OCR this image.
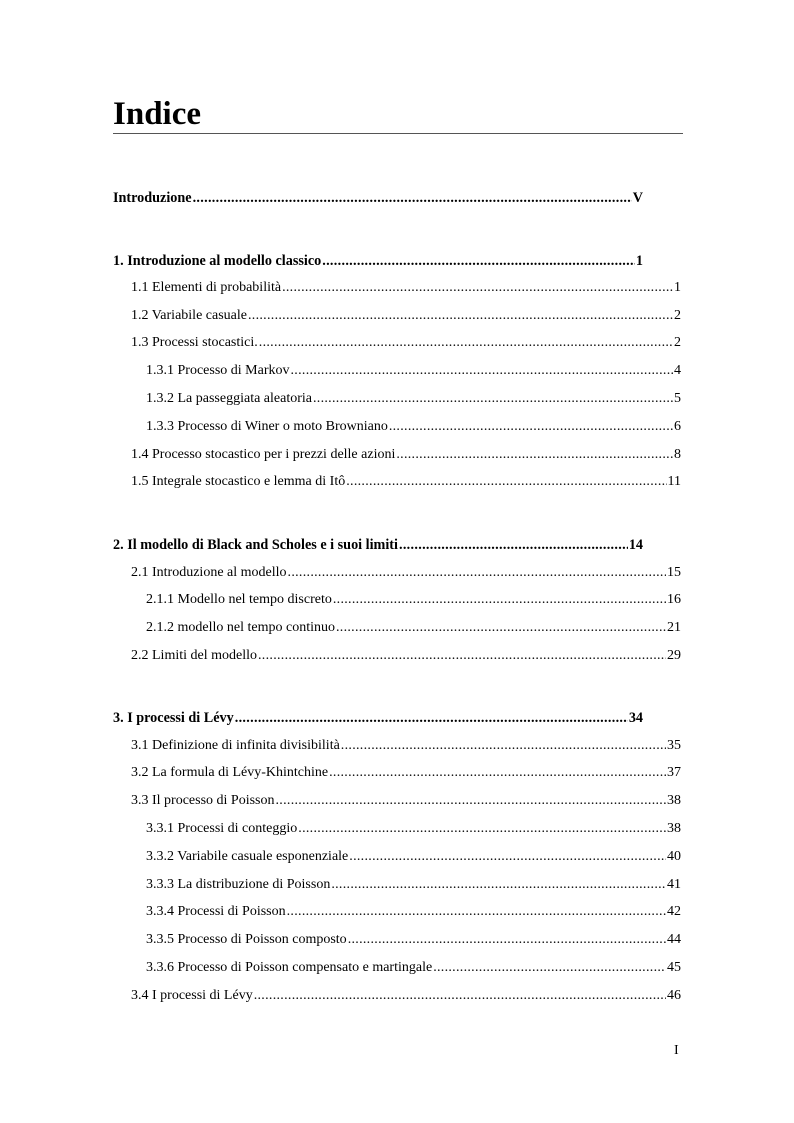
Indice
Introduzione .....	V
1. Introduzione al modello classico .....	1
1.1 Elementi di probabilità .....	1
1.2 Variabile casuale .....	2
1.3 Processi stocastici. .....	2
1.3.1 Processo di Markov .....	4
1.3.2 La passeggiata aleatoria .....	5
1.3.3 Processo di Winer o moto Browniano .....	6
1.4 Processo stocastico per i prezzi delle azioni .....	8
1.5 Integrale stocastico e lemma di Itô .....	11
2. Il modello di Black and Scholes e i suoi limiti .....	14
2.1 Introduzione al modello .....	15
2.1.1 Modello nel tempo discreto .....	16
2.1.2 modello nel tempo continuo .....	21
2.2 Limiti del modello .....	29
3. I processi di Lévy .....	34
3.1 Definizione di infinita divisibilità .....	35
3.2 La formula di Lévy-Khintchine .....	37
3.3 Il processo di Poisson .....	38
3.3.1 Processi di conteggio .....	38
3.3.2 Variabile casuale esponenziale .....	40
3.3.3 La distribuzione di Poisson .....	41
3.3.4 Processi di Poisson .....	42
3.3.5 Processo di Poisson composto .....	44
3.3.6 Processo di Poisson compensato e martingale .....	45
3.4 I processi di Lévy .....	46
I
